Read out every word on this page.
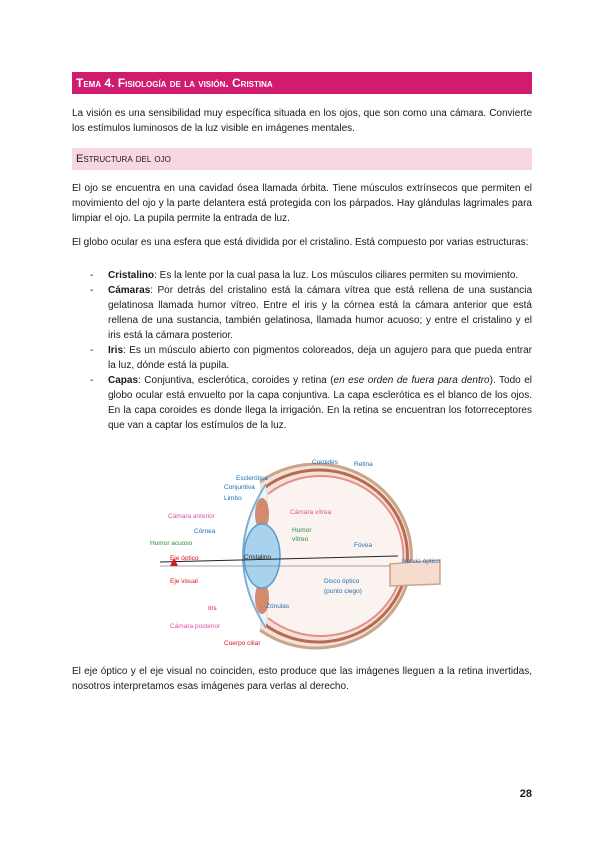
Tema 4. Fisiología de la visión. Cristina

La visión es una sensibilidad muy específica situada en los ojos, que son como una cámara. Convierte los estímulos luminosos de la luz visible en imágenes mentales.

Estructura del ojo

El ojo se encuentra en una cavidad ósea llamada órbita. Tiene músculos extrínsecos que permiten el movimiento del ojo y la parte delantera está protegida con los párpados. Hay glándulas lagrimales para limpiar el ojo. La pupila permite la entrada de luz.

El globo ocular es una esfera que está dividida por el cristalino. Está compuesto por varias estructuras:

- Cristalino: Es la lente por la cual pasa la luz. Los músculos ciliares permiten su movimiento.
- Cámaras: Por detrás del cristalino está la cámara vítrea que está rellena de una sustancia gelatinosa llamada humor vítreo. Entre el iris y la córnea está la cámara anterior que está rellena de una sustancia, también gelatinosa, llamada humor acuoso; y entre el cristalino y el iris está la cámara posterior.
- Iris: Es un músculo abierto con pigmentos coloreados, deja un agujero para que pueda entrar la luz, dónde está la pupila.
- Capas: Conjuntiva, esclerótica, coroides y retina (en ese orden de fuera para dentro). Todo el globo ocular está envuelto por la capa conjuntiva. La capa esclerótica es el blanco de los ojos. En la capa coroides es donde llega la irrigación. En la retina se encuentran los fotorreceptores que van a captar los estímulos de la luz.
Coroides Retina
Esclerótica
Conjuntiva
Limbo
Cámara anterior
Córnea
Humor acuoso
Eje óptico
Eje visual
Iris
Cámara posterior
Cuerpo ciliar
Cristalino
Zónulas
Cámara vítrea
Humor
vítreo
Fóvea
Nervio óptico
Disco óptico
(punto ciego)

El eje óptico y el eje visual no coinciden, esto produce que las imágenes lleguen a la retina invertidas, nosotros interpretamos esas imágenes para verlas al derecho.

28
